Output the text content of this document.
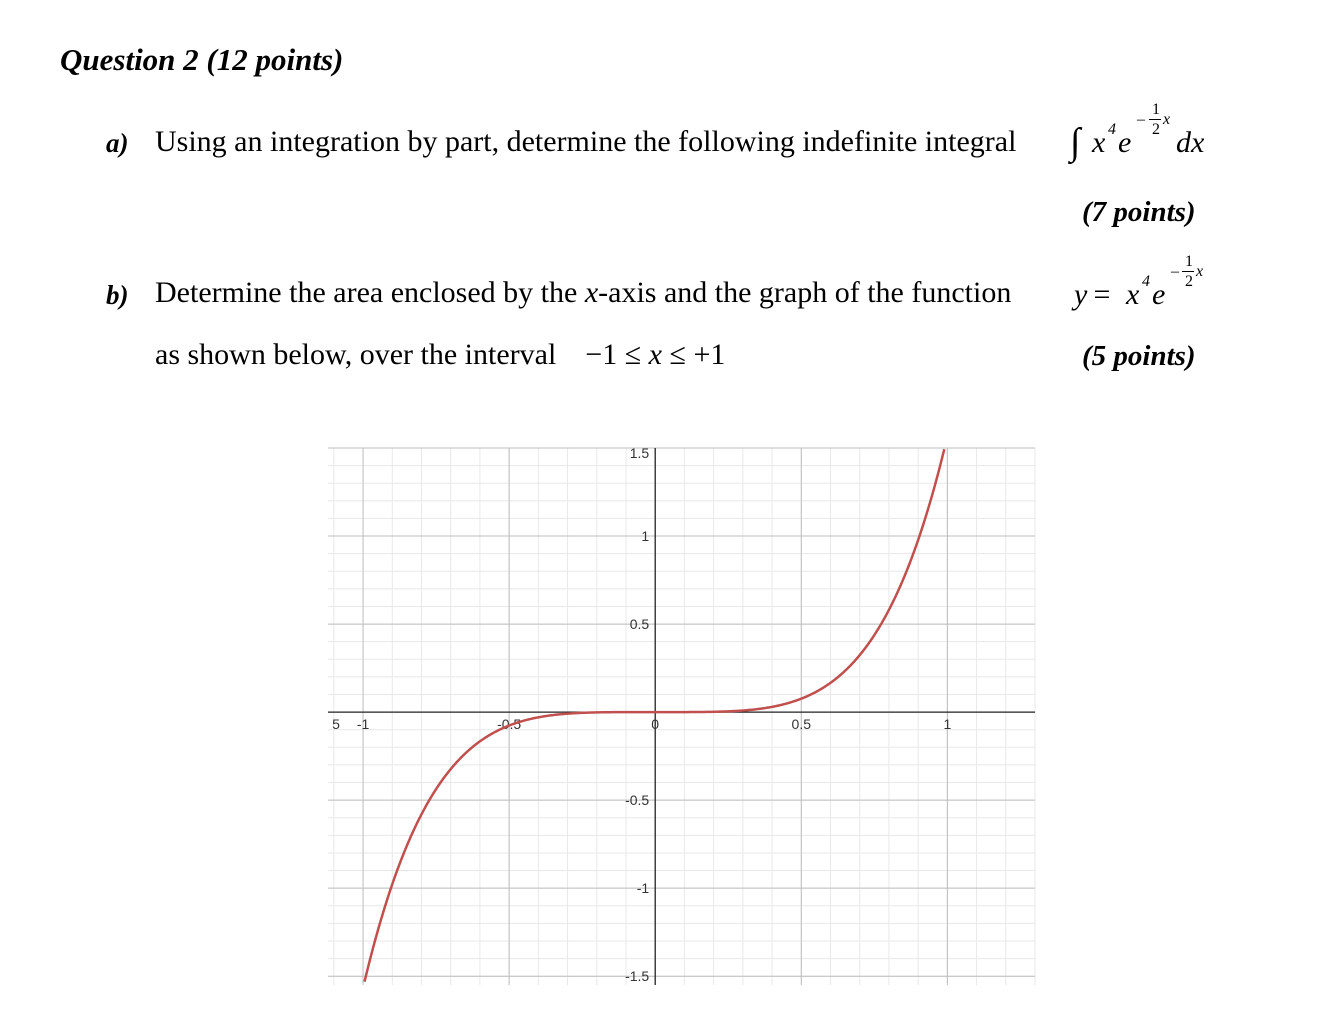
Question 2 (12 points)
a) Using an integration by part, determine the following indefinite integral ∫ x 4 e
–
1
2
x
dx
(7 points)
b) Determine the area enclosed by the x-axis and the graph of the function y
= x 4 e
–
1
2
x
as shown below, over the interval −1 ≤ x ≤ +1	(5 points)
5 -1	-0.5	0	0.5	1
1.5
1
0.5
-0.5
-1
-1.5
